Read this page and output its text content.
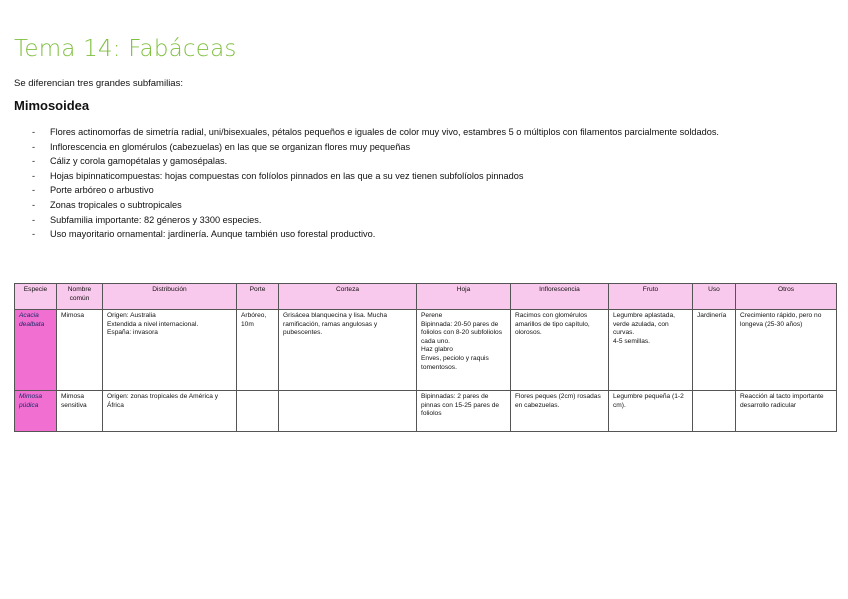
Tema 14: Fabáceas

Se diferencian tres grandes subfamilias:

Mimosoidea
- Flores actinomorfas de simetría radial, uni/bisexuales, pétalos pequeños e iguales de color muy vivo, estambres 5 o múltiplos con filamentos parcialmente soldados.
- Inflorescencia en glomérulos (cabezuelas) en las que se organizan flores muy pequeñas
- Cáliz y corola gamopétalas y gamosépalas.
- Hojas bipinnaticompuestas: hojas compuestas con folíolos pinnados en las que a su vez tienen subfolíolos pinnados
- Porte arbóreo o arbustivo
- Zonas tropicales o subtropicales
- Subfamilia importante: 82 géneros y 3300 especies.
- Uso mayoritario ornamental: jardinería. Aunque también uso forestal productivo.
Especie	Nombre común	Distribución	Porte	Corteza	Hoja	Inflorescencia	Fruto	Uso	Otros
Acacia dealbata	Mimosa	Origen: Australia
Extendida a nivel internacional.
España: invasora	Arbóreo, 10m	Grisácea blanquecina y lisa. Mucha ramificación, ramas angulosas y pubescentes.	Perene
Bipinnada: 20-50 pares de foliolos con 8-20 subfoliolos cada uno.
Haz glabro
Enves, peciolo y raquis tomentosos.	Racimos con glomérulos amarillos de tipo capítulo, olorosos.	Legumbre aplastada, verde azulada, con curvas.
4-5 semillas.	Jardinería	Crecimiento rápido, pero no longeva (25-30 años)
Mimosa púdica	Mimosa sensitiva	Origen: zonas tropicales de América y África			Bipinnadas: 2 pares de pinnas con 15-25 pares de foliolos	Flores peques (2cm) rosadas en cabezuelas.	Legumbre pequeña (1-2 cm).		Reacción al tacto importante desarrollo radicular
